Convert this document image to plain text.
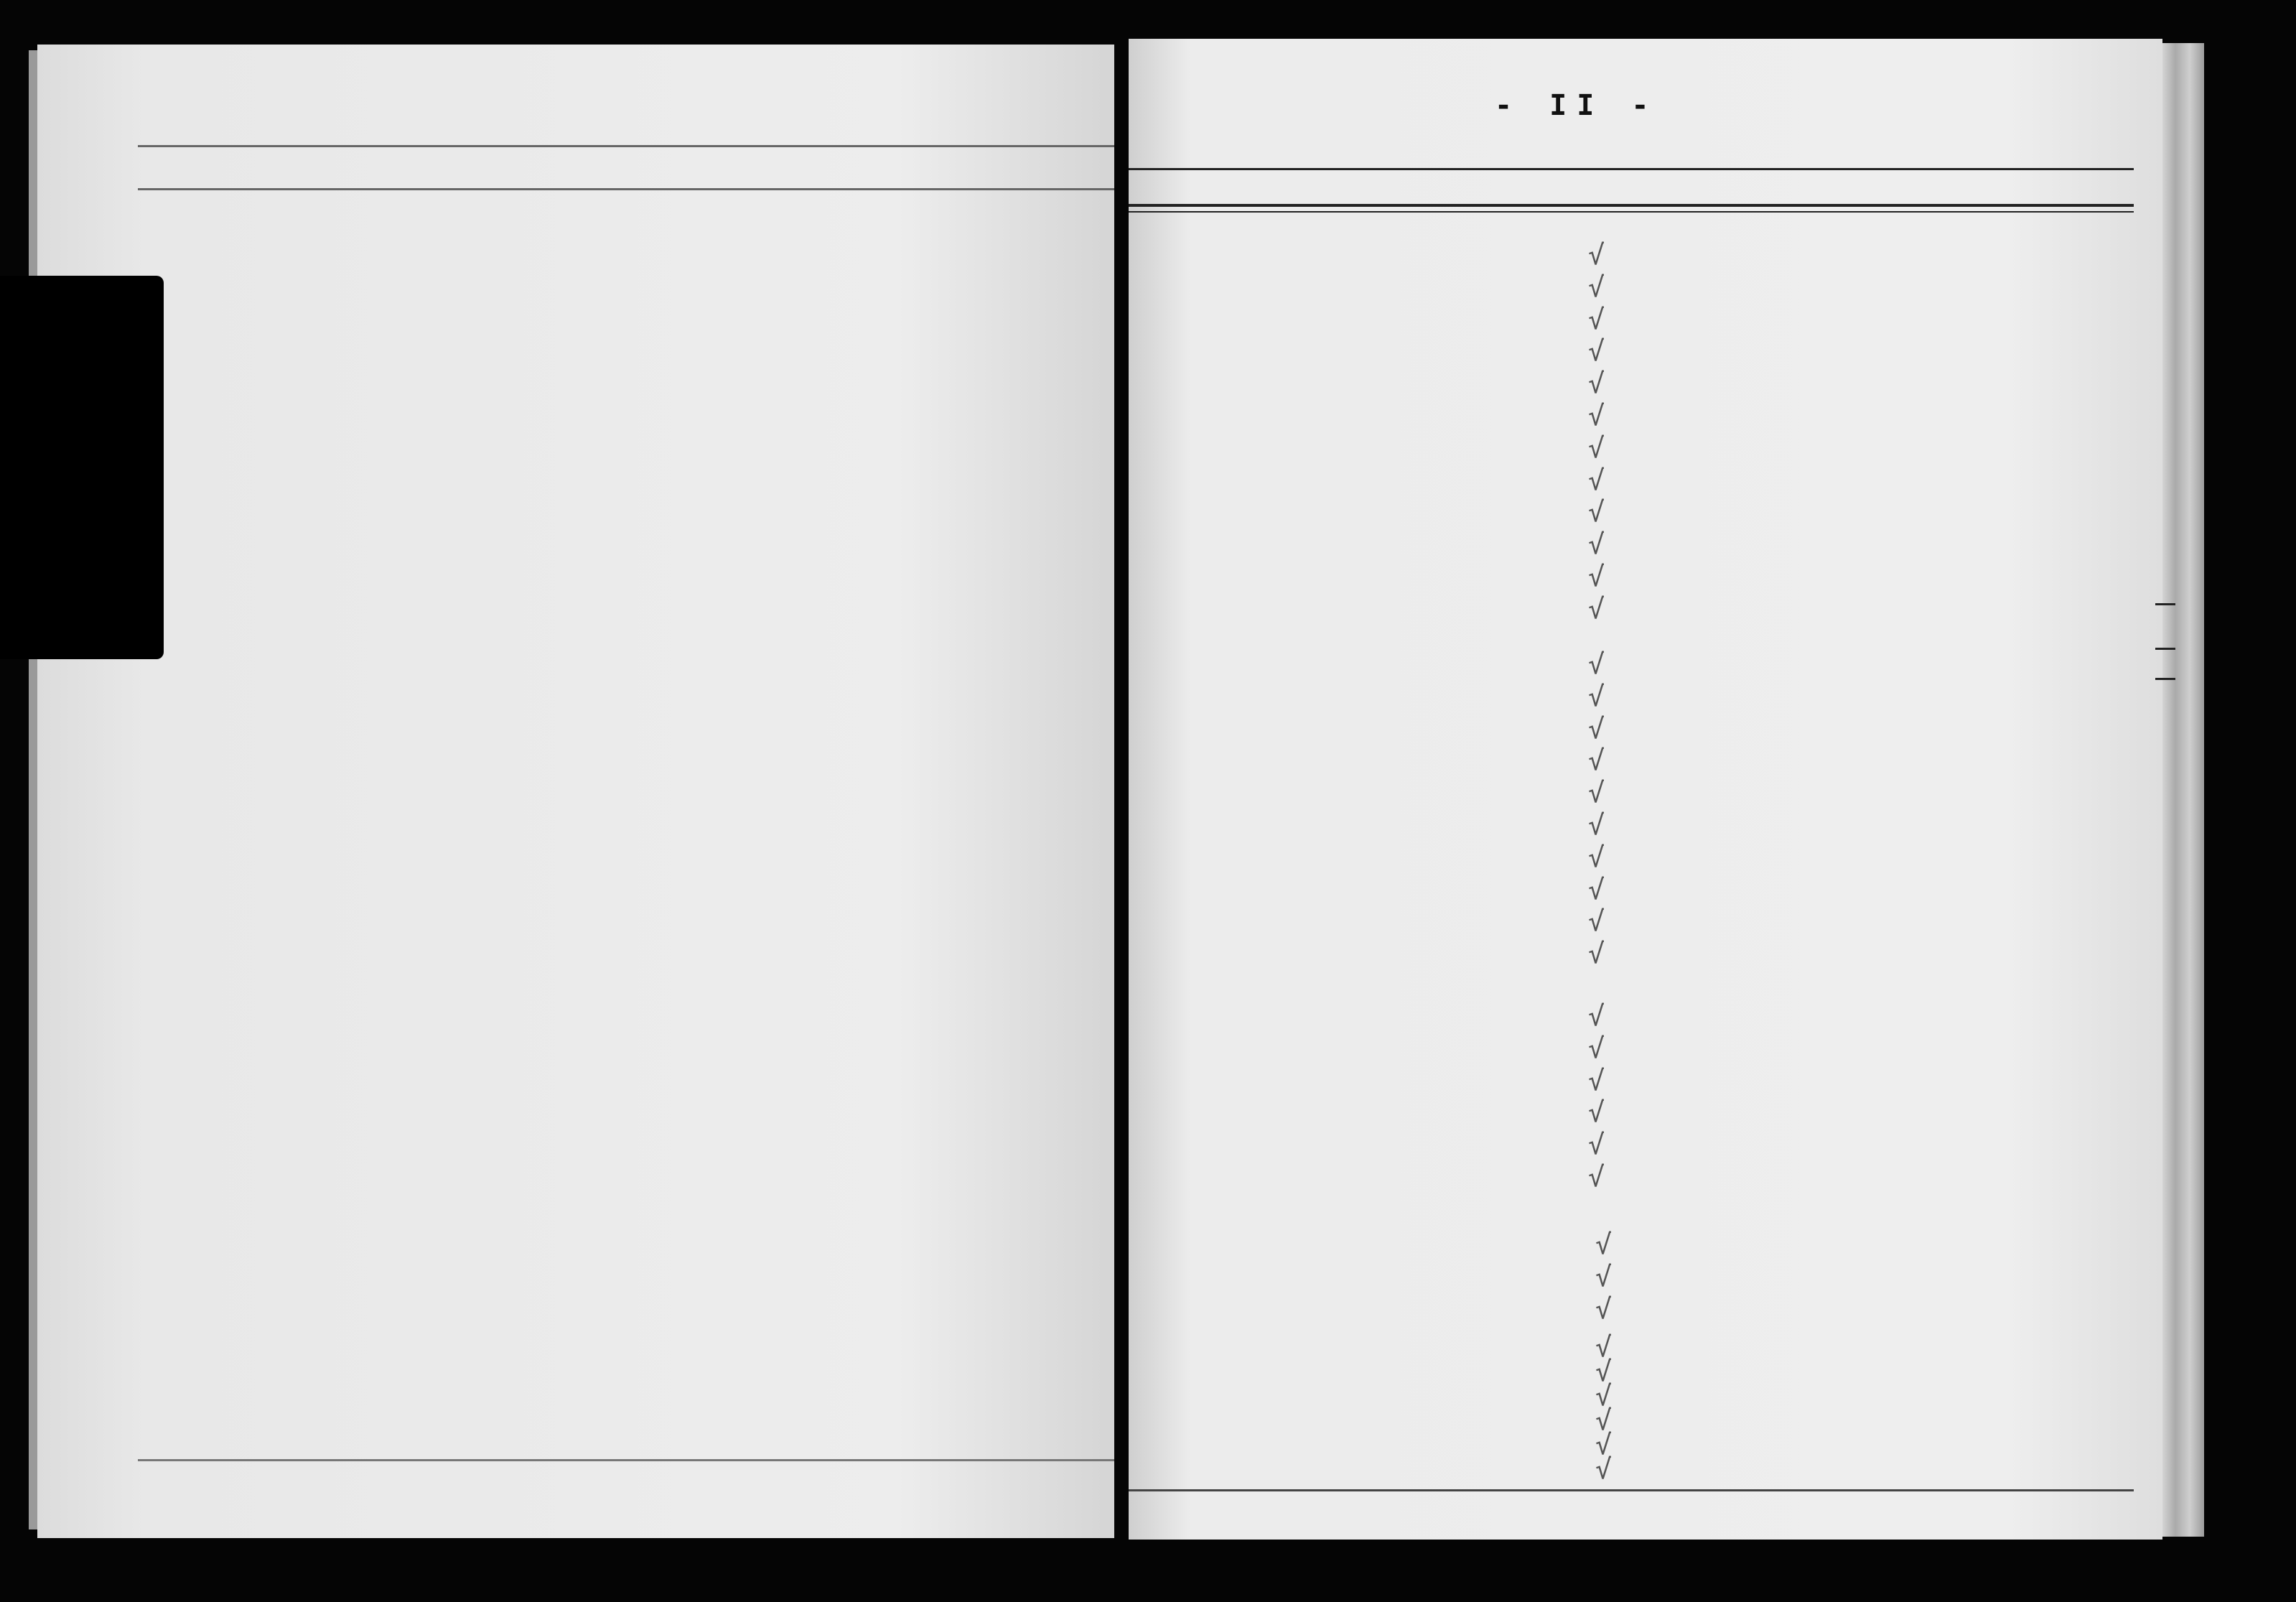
- II -
√
√
√
√
√
√
√
√
√
√
√
√
√
√
√
√
√
√
√
√
√
√
√
√
√
√
√
√
√
√
√
√
√
√
√
√
√
